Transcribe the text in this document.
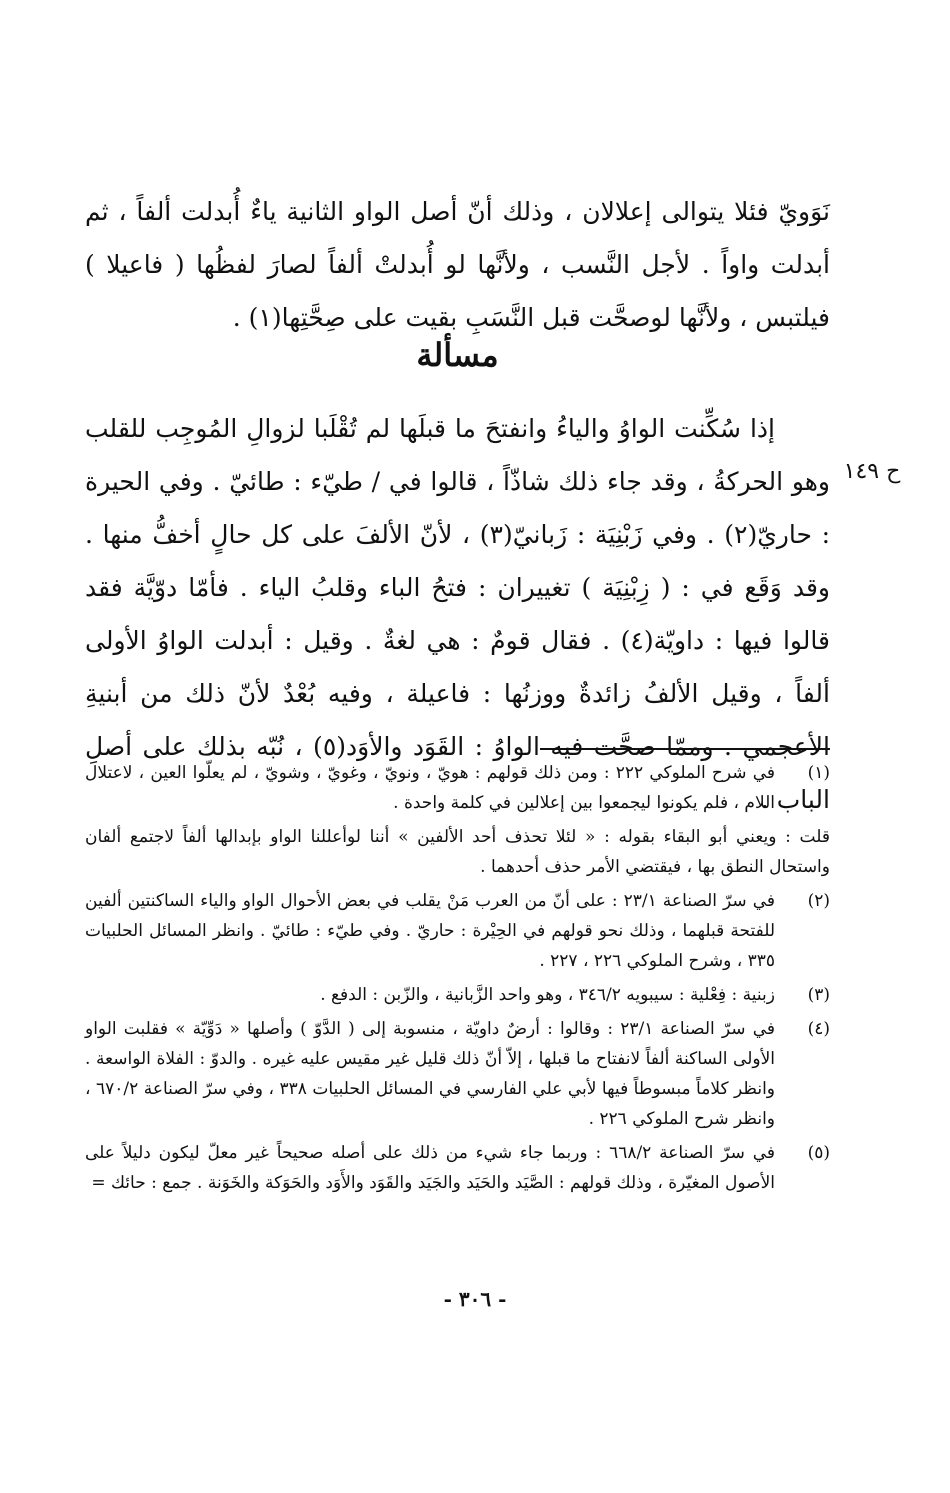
نَوَويّ فئلا يتوالى إعلالان ، وذلك أنّ أصل الواو الثانية ياءٌ أُبدلت ألفاً ، ثم أبدلت واواً . لأجل النَّسب ، ولأنَّها لو أُبدلتْ ألفاً لصارَ لفظُها ( فاعيلا ) فيلتبس ، ولأنَّها لوصحَّت قبل النَّسَبِ بقيت على صِحَّتِها(١) .

مسألة

إذا سُكِّنت الواوُ والياءُ وانفتحَ ما قبلَها لم تُقْلَبا لزوالِ المُوجِب للقلب وهو الحركةُ ، وقد جاء ذلك شاذّاً ، قالوا في / طيّء : طائيّ . وفي الحيرة : حاريّ(٢) . وفي زَبْنِيَة : زَبانيّ(٣) ، لأنّ الألفَ على كل حالٍ أخفُّ منها . وقد وَقَع في : ( زِبْنِيَة ) تغييران : فتحُ الباء وقلبُ الياء . فأمّا دوّيَّة فقد قالوا فيها : داويّة(٤) . فقال قومٌ : هي لغةٌ . وقيل : أبدلت الواوُ الأولى ألفاً ، وقيل الألفُ زائدةٌ ووزنُها : فاعيلة ، وفيه بُعْدٌ لأنّ ذلك من أبنيةِ الأعجمي . وممّا صحَّت فيه الواوُ : القَوَد والأوَد(٥) ، نُبّه بذلك على أصلِ الباب .

ح ١٤٩
(١)
في شرح الملوكي ٢٢٢ : ومن ذلك قولهم : هويّ ، ونويّ ، وغويّ ، وشويّ ، لم يعلّوا العين ، لاعتلال اللام ، فلم يكونوا ليجمعوا بين إعلالين في كلمة واحدة .
قلت : ويعني أبو البقاء بقوله : « لئلا تحذف أحد الألفين » أننا لوأعللنا الواو بإبدالها ألفاً لاجتمع ألفان واستحال النطق بها ، فيقتضي الأمر حذف أحدهما .
(٢)
في سرّ الصناعة ٢٣/١ : على أنّ من العرب مَنْ يقلب في بعض الأحوال الواو والياء الساكنتين ألفين للفتحة قبلهما ، وذلك نحو قولهم في الحِيْرة : حاريّ . وفي طيّء : طائيّ . وانظر المسائل الحلبيات ٣٣٥ ، وشرح الملوكي ٢٢٦ ، ٢٢٧ .
(٣)
زبنية : فِعْلية : سيبويه ٣٤٦/٢ ، وهو واحد الزَّبانية ، والزّبن : الدفع .
(٤)
في سرّ الصناعة ٢٣/١ : وقالوا : أرضٌ داويّة ، منسوبة إلى ( الدَّوّ ) وأصلها « دَوِّيّة » فقلبت الواو الأولى الساكنة ألفاً لانفتاح ما قبلها ، إلاّ أنّ ذلك قليل غير مقيس عليه غيره . والدوّ : الفلاة الواسعة . وانظر كلاماً مبسوطاً فيها لأبي علي الفارسي في المسائل الحلبيات ٣٣٨ ، وفي سرّ الصناعة ٦٧٠/٢ ، وانظر شرح الملوكي ٢٢٦ .
(٥)
في سرّ الصناعة ٦٦٨/٢ : وربما جاء شيء من ذلك على أصله صحيحاً غير معلّ ليكون دليلاً على الأصول المغيّرة ، وذلك قولهم : الصَّيَد والحَيَد والجَيَد والقَوَد والأَوَد والحَوَكة والخَوَنة . جمع : حائك =
- ٣٠٦ -
